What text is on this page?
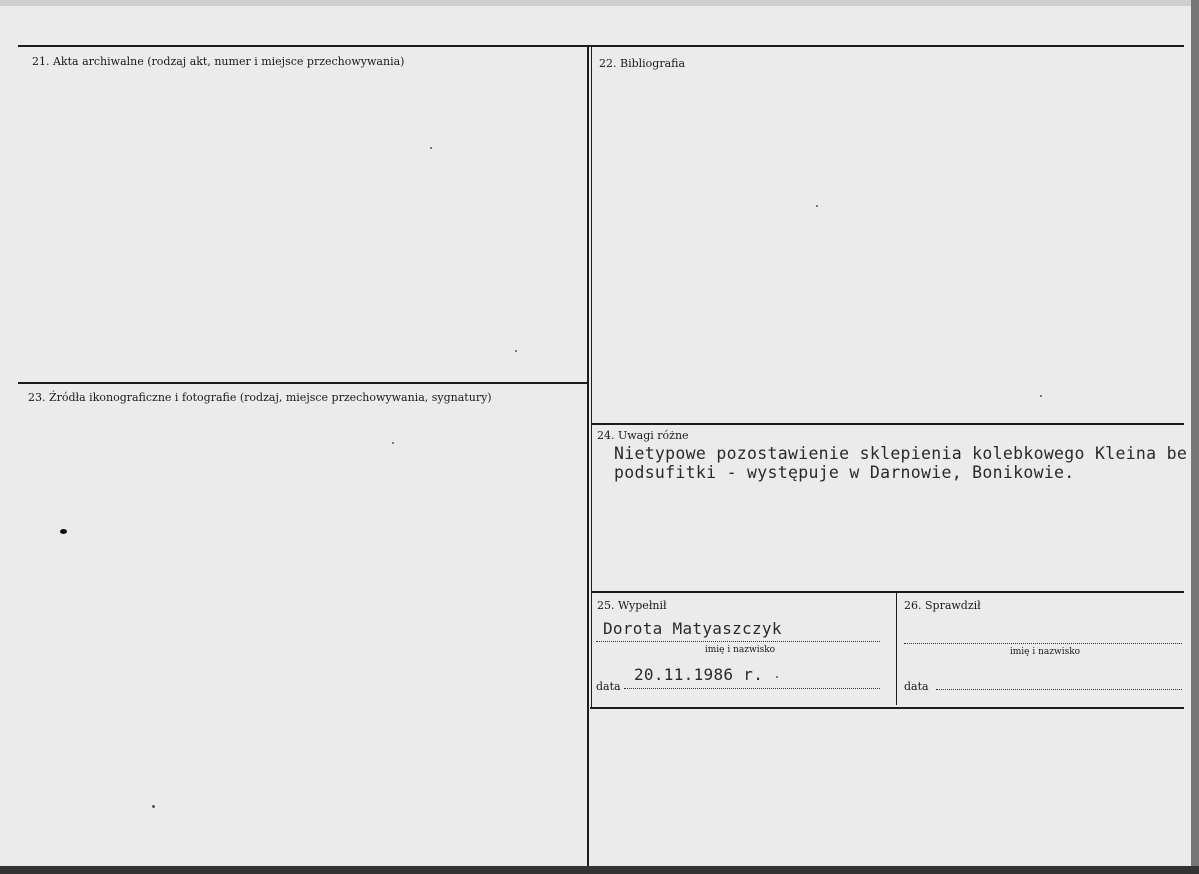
21. Akta archiwalne (rodzaj akt, numer i miejsce przechowywania)	22. Bibliografia
23. Źródła ikonograficzne i fotografie (rodzaj, miejsce przechowywania, sygnatury)
24. Uwagi różne
Nietypowe pozostawienie sklepienia kolebkowego Kleina be
podsufitki - występuje w Darnowie, Bonikowie.
25. Wypełnił
Dorota Matyaszczyk
imię i nazwisko
data
20.11.1986 r.
26. Sprawdził
imię i nazwisko
data
